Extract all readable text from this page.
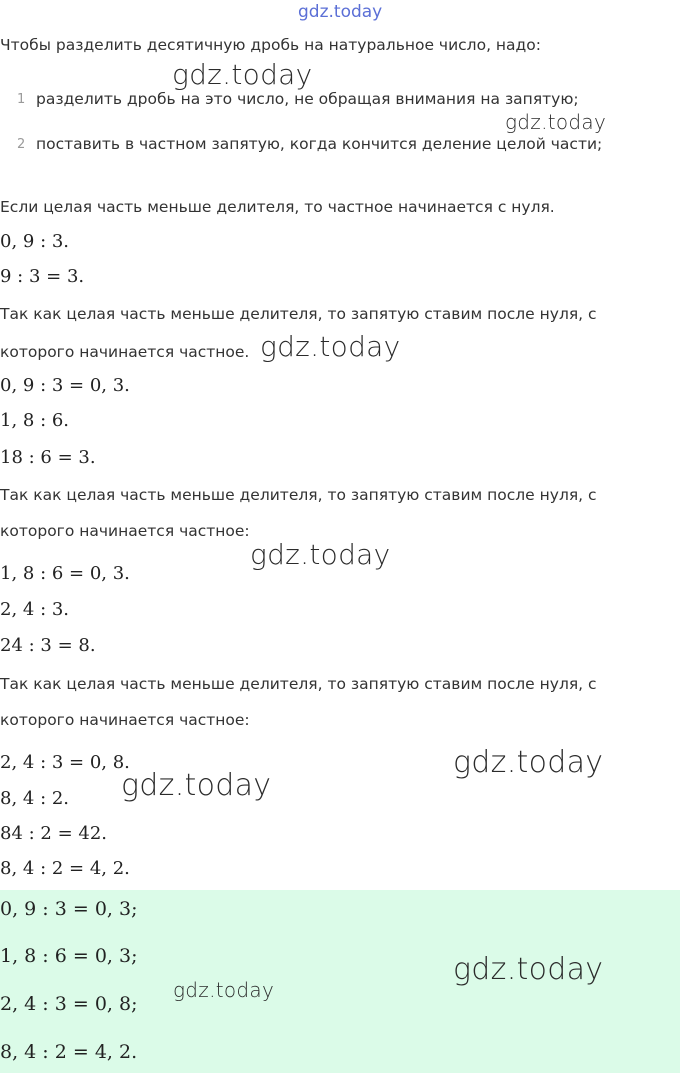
gdz.today
Чтобы разделить десятичную дробь на натуральное число, надо:
gdz.today
1 разделить дробь на это число, не обращая внимания на запятую;
gdz.today
2 поставить в частном запятую, когда кончится деление целой части;
Если целая часть меньше делителя, то частное начинается с нуля.
0, 9 : 3.
9 : 3 = 3.
Так как целая часть меньше делителя, то запятую ставим после нуля, с
которого начинается частное. gdz.today
0, 9 : 3 = 0, 3.
1, 8 : 6.
18 : 6 = 3.
Так как целая часть меньше делителя, то запятую ставим после нуля, с
которого начинается частное:
gdz.today
1, 8 : 6 = 0, 3.
2, 4 : 3.
24 : 3 = 8.
Так как целая часть меньше делителя, то запятую ставим после нуля, с
которого начинается частное:
2, 4 : 3 = 0, 8.	gdz.today
8, 4 : 2. gdz.today
84 : 2 = 42.
8, 4 : 2 = 4, 2.
0, 9 : 3 = 0, 3;
1, 8 : 6 = 0, 3;
2, 4 : 3 = 0, 8;
8, 4 : 2 = 4, 2.
gdz.today
gdz.today
